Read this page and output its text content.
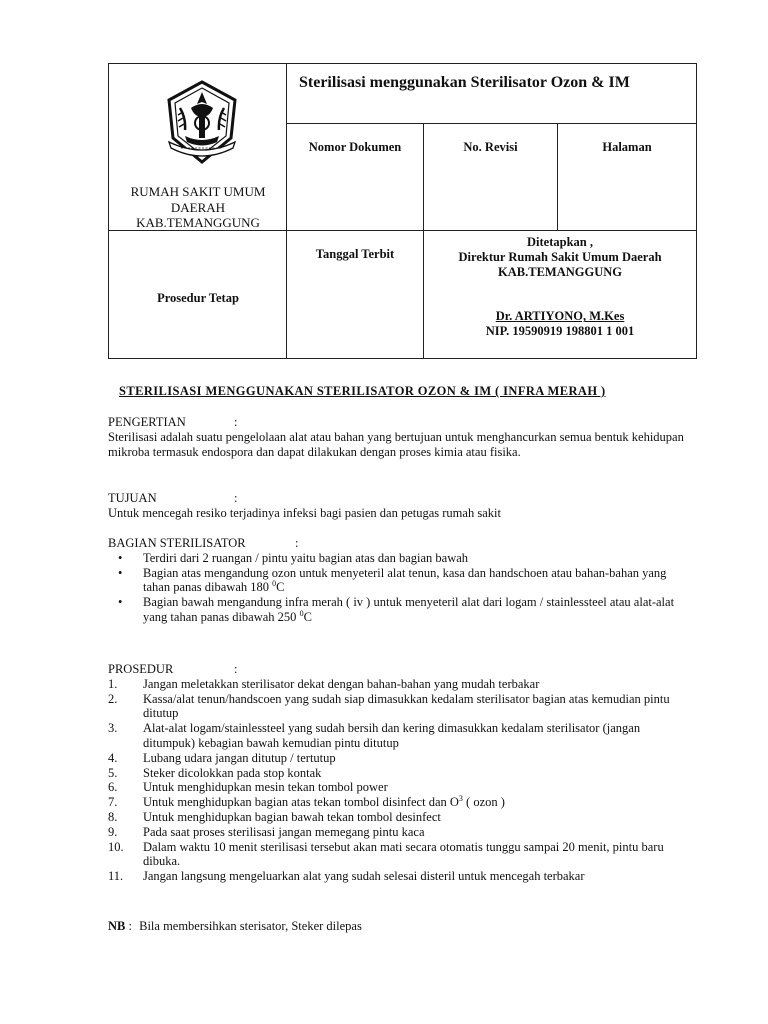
RUMAH SAKIT UMUM DAERAH KAB.TEMANGGUNG	Sterilisasi menggunakan Sterilisator Ozon & IM		
	Nomor Dokumen	No. Revisi	Halaman

Prosedur Tetap	Tanggal Terbit	Ditetapkan ,
Direktur Rumah Sakit Umum Daerah
KAB.TEMANGGUNG
Dr. ARTIYONO, M.Kes
NIP. 19590919 198801 1 001	
STERILISASI MENGGUNAKAN STERILISATOR OZON & IM ( INFRA MERAH )
PENGERTIAN	:
Sterilisasi adalah suatu pengelolaan alat atau bahan yang bertujuan untuk menghancurkan semua bentuk kehidupan mikroba termasuk endospora dan dapat dilakukan dengan proses kimia atau fisika.
TUJUAN	:
Untuk mencegah resiko terjadinya infeksi bagi pasien dan petugas rumah sakit
BAGIAN STERILISATOR	:
• Terdiri dari 2 ruangan / pintu yaitu bagian atas dan bagian bawah
• Bagian atas mengandung ozon untuk menyeteril alat tenun, kasa dan handschoen atau bahan-bahan yang tahan panas dibawah 180 $^0$C
• Bagian bawah mengandung infra merah ( iv ) untuk menyeteril alat dari logam / stainlessteel atau alat-alat yang tahan panas dibawah 250 $^0$C
PROSEDUR	:
1.	Jangan meletakkan sterilisator dekat dengan bahan-bahan yang mudah terbakar
2.	Kassa/alat tenun/handscoen yang sudah siap dimasukkan kedalam sterilisator bagian atas kemudian pintu ditutup
3.	Alat-alat logam/stainlessteel yang sudah bersih dan kering dimasukkan kedalam sterilisator (jangan ditumpuk) kebagian bawah kemudian pintu ditutup
4.	Lubang udara jangan ditutup / tertutup
5.	Steker dicolokkan pada stop kontak
6.	Untuk menghidupkan mesin tekan tombol power
7.	Untuk menghidupkan bagian atas tekan tombol disinfect dan $O^3$ ( ozon )
8.	Untuk menghidupkan bagian bawah tekan tombol desinfect
9.	Pada saat proses sterilisasi jangan memegang pintu kaca
10.	Dalam waktu 10 menit sterilisasi tersebut akan mati secara otomatis tunggu sampai 20 menit, pintu baru dibuka.
11.	Jangan langsung mengeluarkan alat yang sudah selesai disteril untuk mencegah terbakar
NB : Bila membersihkan sterisator, Steker dilepas
